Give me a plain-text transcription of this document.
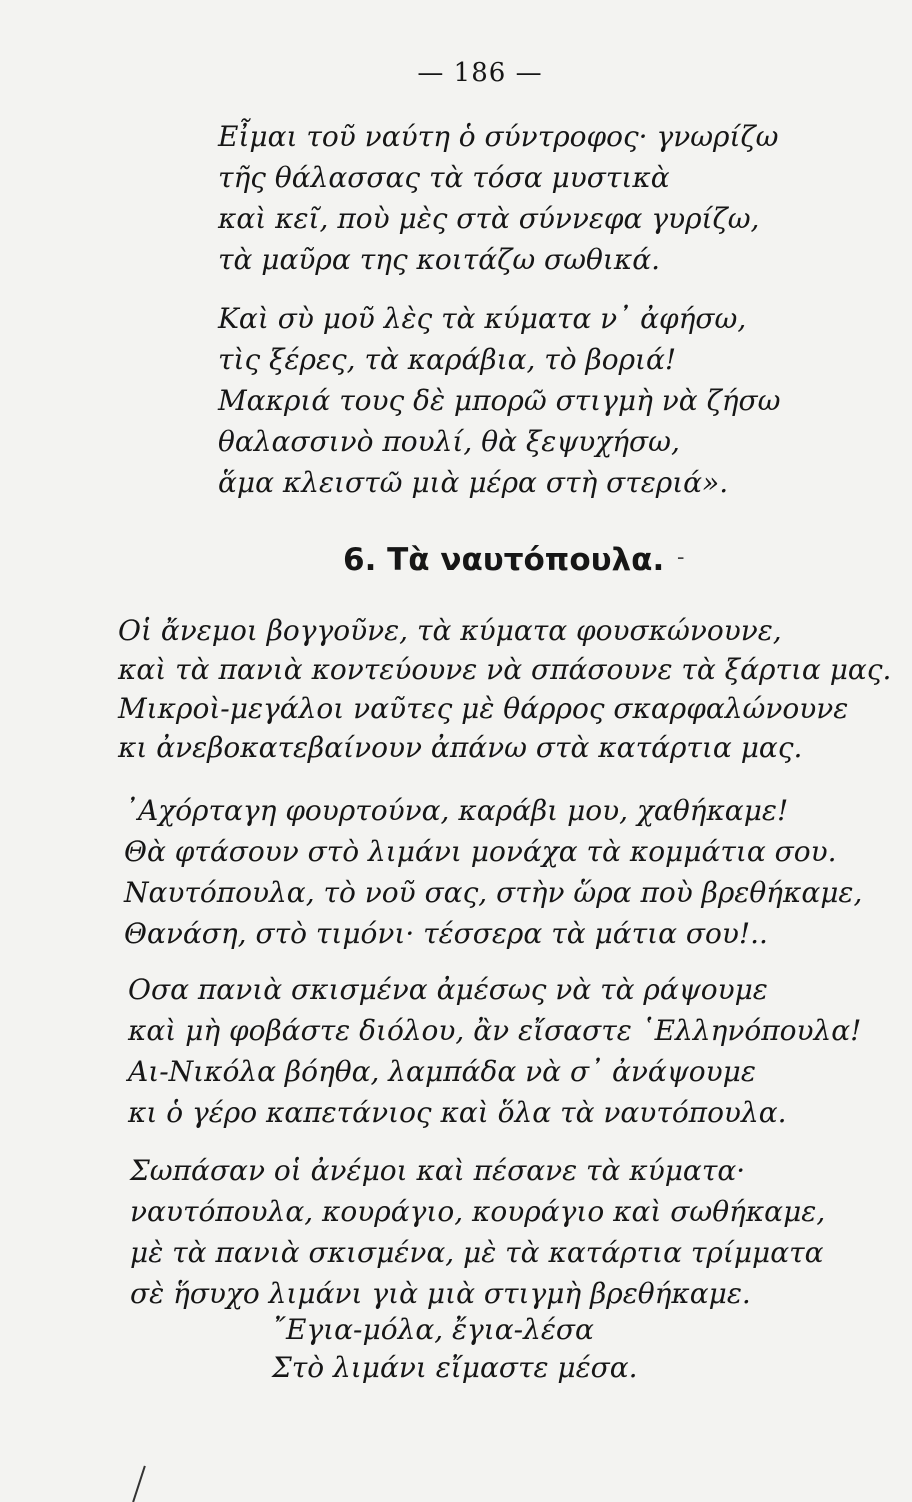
— 186 —
Εἶμαι τοῦ ναύτη ὁ σύντροφος· γνωρίζω
τῆς θάλασσας τὰ τόσα μυστικὰ
καὶ κεῖ, ποὺ μὲς στὰ σύννεφα γυρίζω,
τὰ μαῦρα της κοιτάζω σωθικά.
Καὶ σὺ μοῦ λὲς τὰ κύματα ν᾿ ἀφήσω,
τὶς ξέρες, τὰ καράβια, τὸ βοριά!
Μακριά τους δὲ μπορῶ στιγμὴ νὰ ζήσω
θαλασσινὸ πουλί, θὰ ξεψυχήσω,
ἅμα κλειστῶ μιὰ μέρα στὴ στεριά».
6. Τὰ ναυτόπουλα. -
Οἱ ἄνεμοι βογγοῦνε, τὰ κύματα φουσκώνουνε,
καὶ τὰ πανιὰ κοντεύουνε νὰ σπάσουνε τὰ ξάρτια μας.
Μικροὶ-μεγάλοι ναῦτες μὲ θάρρος σκαρφαλώνουνε
κι ἀνεβοκατεβαίνουν ἀπάνω στὰ κατάρτια μας.
᾿Αχόρταγη φουρτούνα, καράβι μου, χαθήκαμε!
Θὰ φτάσουν στὸ λιμάνι μονάχα τὰ κομμάτια σου.
Ναυτόπουλα, τὸ νοῦ σας, στὴν ὥρα ποὺ βρεθήκαμε,
Θανάση, στὸ τιμόνι· τέσσερα τὰ μάτια σου!..
Οσα πανιὰ σκισμένα ἀμέσως νὰ τὰ ράψουμε
καὶ μὴ φοβάστε διόλου, ἂν εἴσαστε ῾Ελληνόπουλα!
Αι-Νικόλα βόηθα, λαμπάδα νὰ σ᾿ ἀνάψουμε
κι ὁ γέρο καπετάνιος καὶ ὅλα τὰ ναυτόπουλα.
Σωπάσαν οἱ ἀνέμοι καὶ πέσανε τὰ κύματα·
ναυτόπουλα, κουράγιο, κουράγιο καὶ σωθήκαμε,
μὲ τὰ πανιὰ σκισμένα, μὲ τὰ κατάρτια τρίμματα
σὲ ἥσυχο λιμάνι γιὰ μιὰ στιγμὴ βρεθήκαμε.
῎Εγια-μόλα, ἔγια-λέσα
Στὸ λιμάνι εἴμαστε μέσα.
